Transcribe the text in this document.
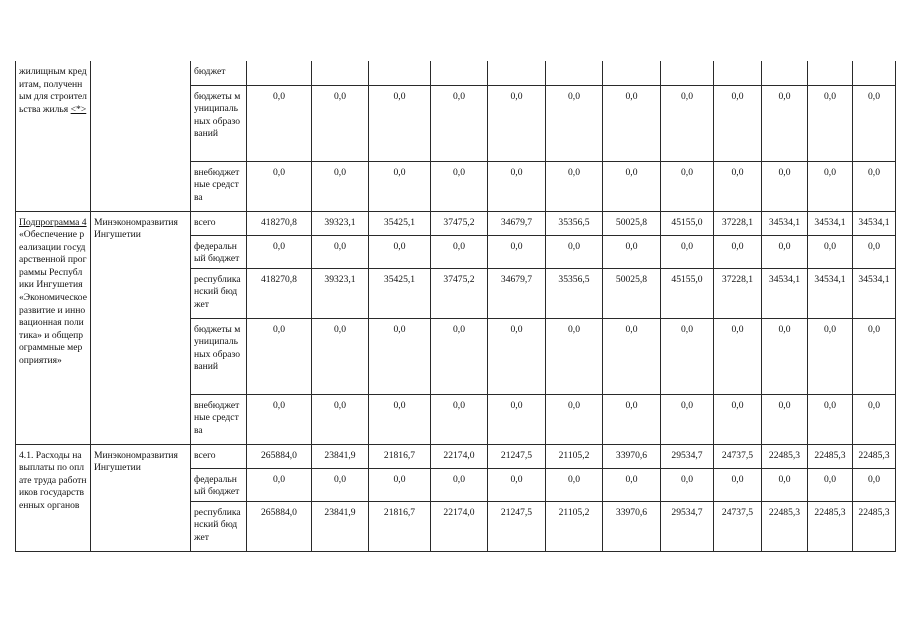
жилищным кредитам, полученным для строительства жилья <*>		бюджет												
		бюджеты муниципальных образований	0,0	0,0	0,0	0,0	0,0	0,0	0,0	0,0	0,0	0,0	0,0	0,0
		внебюджетные средства	0,0	0,0	0,0	0,0	0,0	0,0	0,0	0,0	0,0	0,0	0,0	0,0
Подпрограмма 4 «Обеспечение реализации государственной программы Республики Ингушетия «Экономическое развитие и инновационная политика» и общепрограммные мероприятия»	Минэкономразвития Ингушетии	всего	418270,8	39323,1	35425,1	37475,2	34679,7	35356,5	50025,8	45155,0	37228,1	34534,1	34534,1	34534,1
		федеральный бюджет	0,0	0,0	0,0	0,0	0,0	0,0	0,0	0,0	0,0	0,0	0,0	0,0
		республиканский бюджет	418270,8	39323,1	35425,1	37475,2	34679,7	35356,5	50025,8	45155,0	37228,1	34534,1	34534,1	34534,1
		бюджеты муниципальных образований	0,0	0,0	0,0	0,0	0,0	0,0	0,0	0,0	0,0	0,0	0,0	0,0
		внебюджетные средства	0,0	0,0	0,0	0,0	0,0	0,0	0,0	0,0	0,0	0,0	0,0	0,0
4.1. Расходы на выплаты по оплате труда работников государственных органов	Минэкономразвития Ингушетии	всего	265884,0	23841,9	21816,7	22174,0	21247,5	21105,2	33970,6	29534,7	24737,5	22485,3	22485,3	22485,3
		федеральный бюджет	0,0	0,0	0,0	0,0	0,0	0,0	0,0	0,0	0,0	0,0	0,0	0,0
		республиканский бюджет	265884,0	23841,9	21816,7	22174,0	21247,5	21105,2	33970,6	29534,7	24737,5	22485,3	22485,3	22485,3
